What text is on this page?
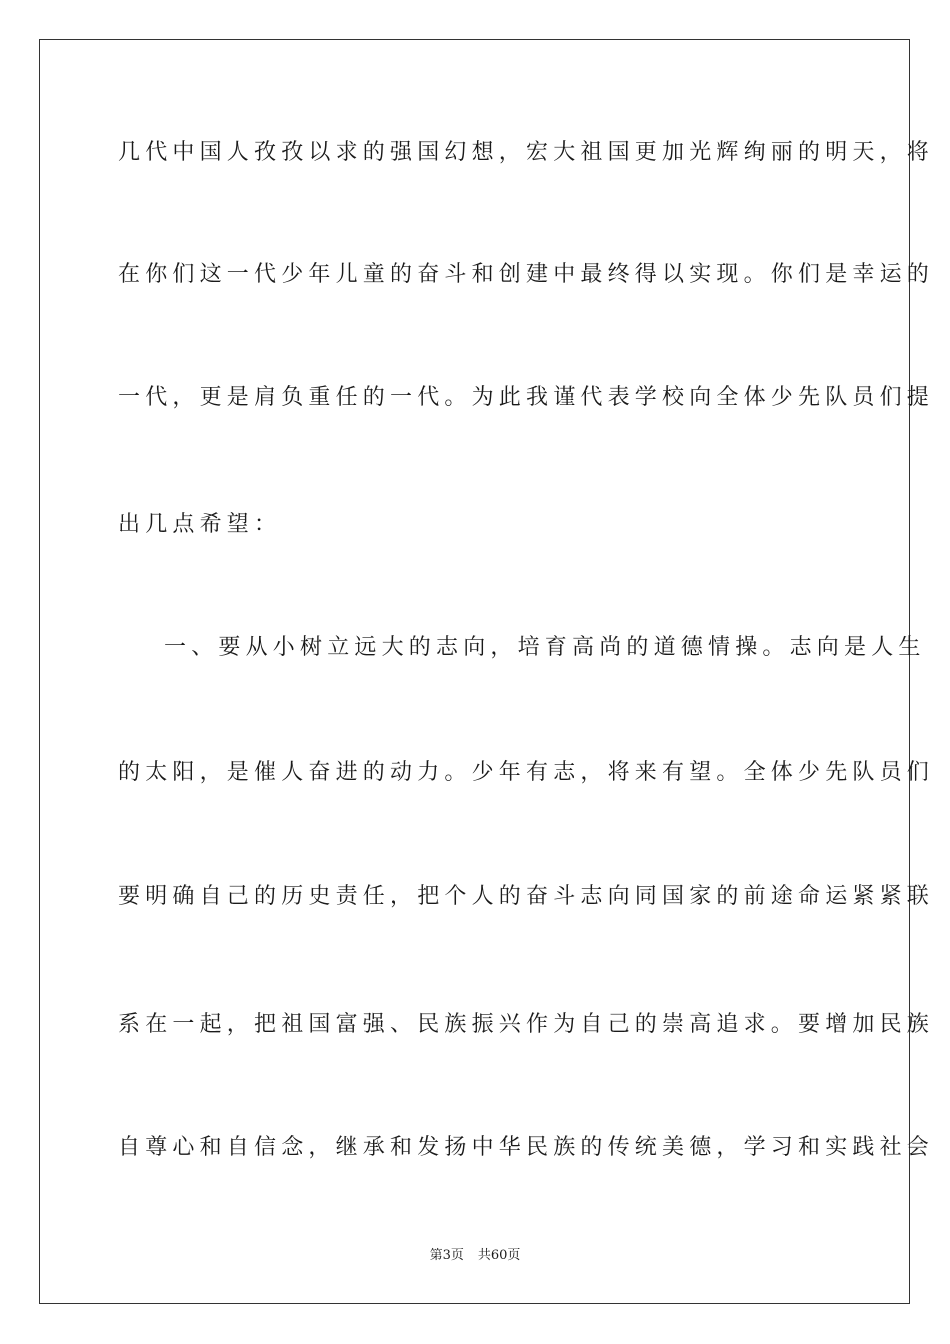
几代中国人孜孜以求的强国幻想，宏大祖国更加光辉绚丽的明天，将
在你们这一代少年儿童的奋斗和创建中最终得以实现。你们是幸运的
一代，更是肩负重任的一代。为此我谨代表学校向全体少先队员们提
出几点希望：
一、要从小树立远大的志向，培育高尚的道德情操。志向是人生
的太阳，是催人奋进的动力。少年有志，将来有望。全体少先队员们
要明确自己的历史责任，把个人的奋斗志向同国家的前途命运紧紧联
系在一起，把祖国富强、民族振兴作为自己的崇高追求。要增加民族
自尊心和自信念，继承和发扬中华民族的传统美德，学习和实践社会
第3页 共60页
